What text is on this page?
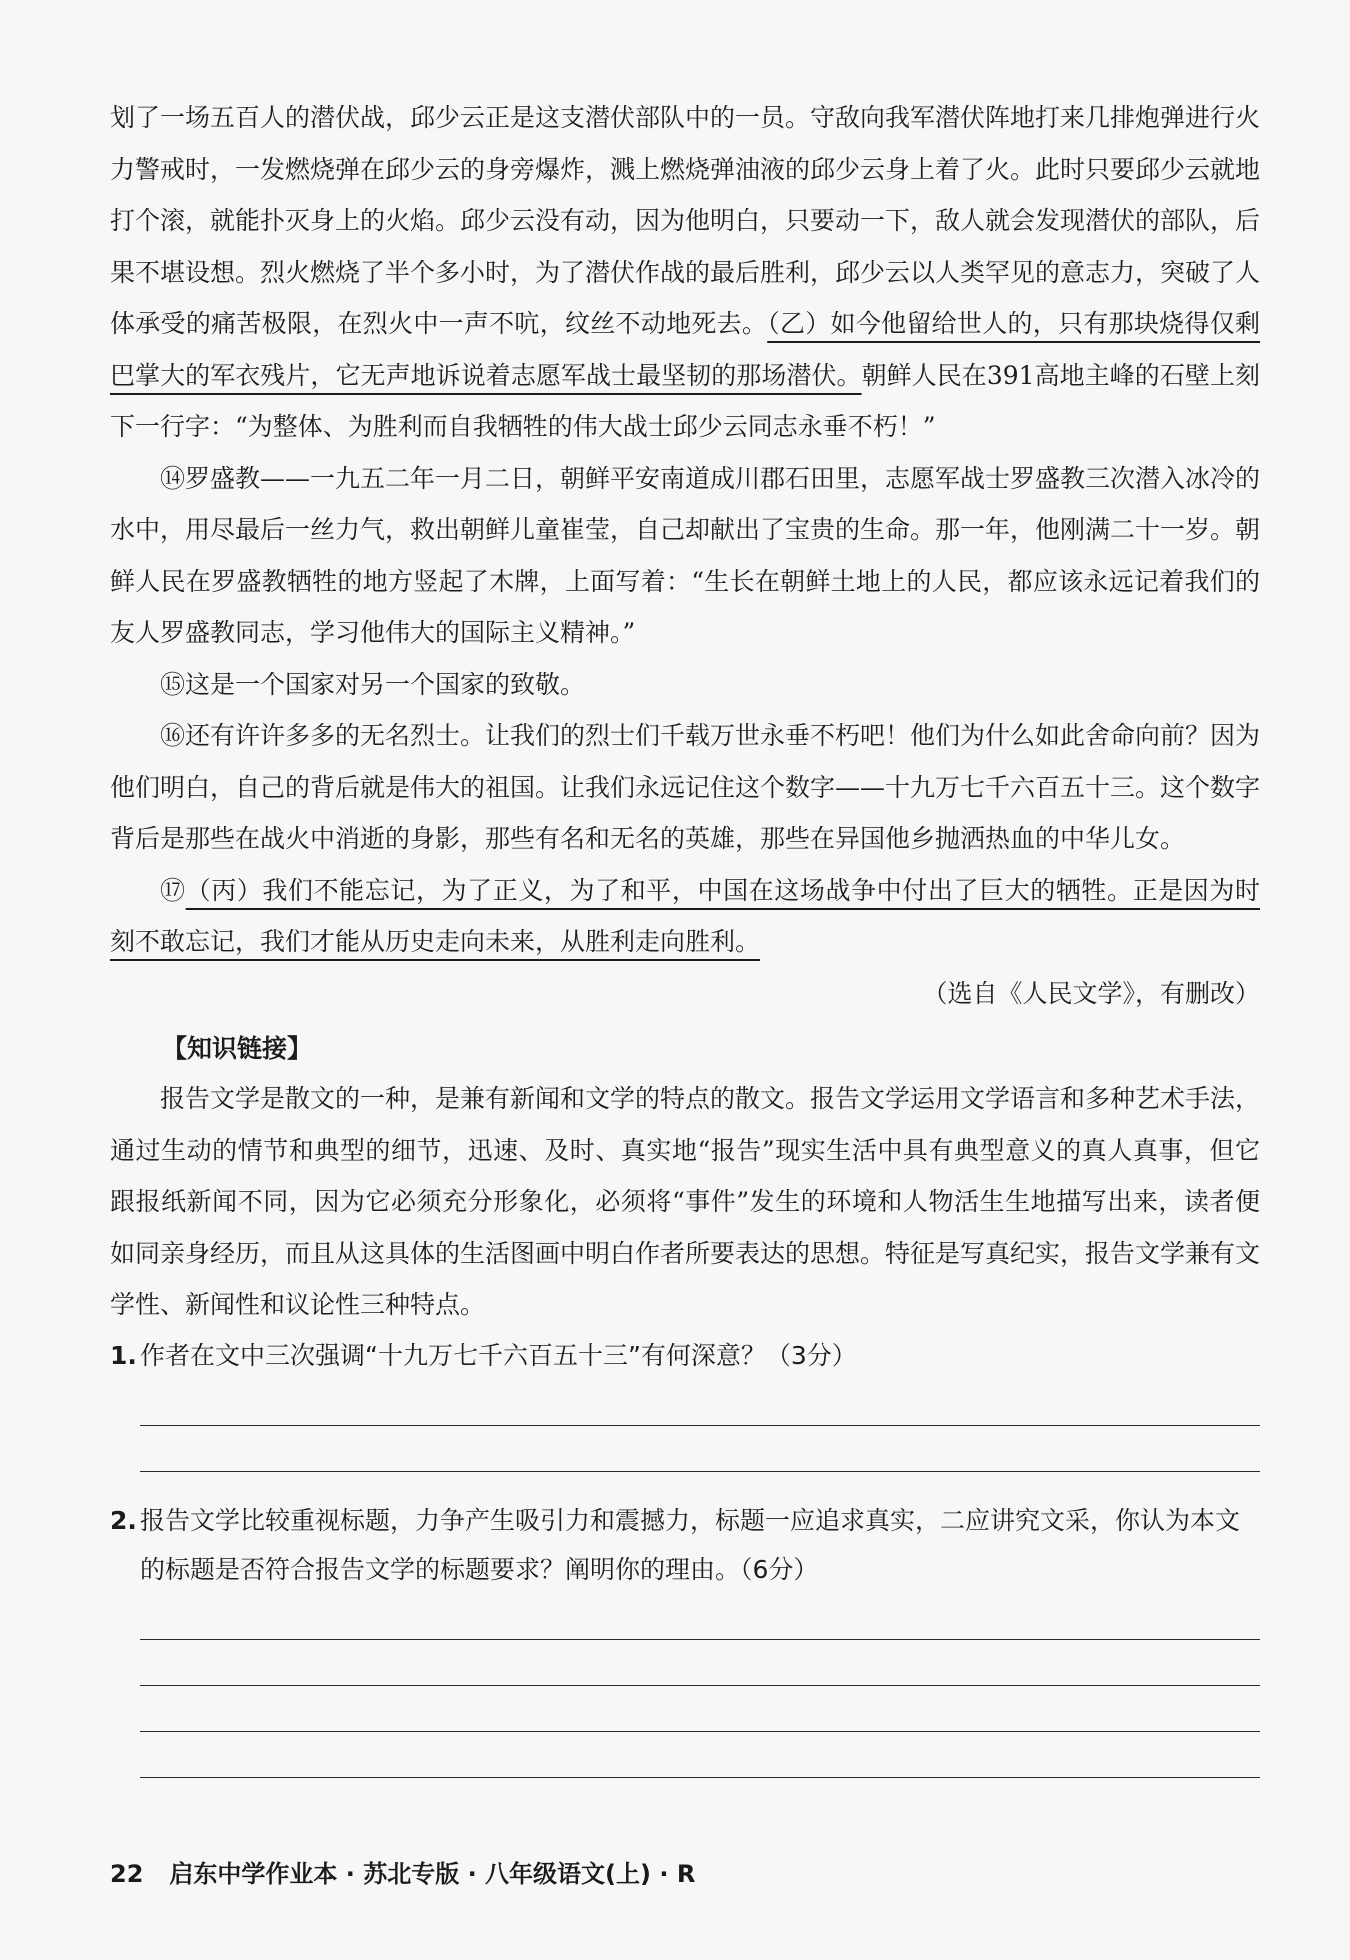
划了一场五百人的潜伏战，邱少云正是这支潜伏部队中的一员。守敌向我军潜伏阵地打来几排炮弹进行火力警戒时，一发燃烧弹在邱少云的身旁爆炸，溅上燃烧弹油液的邱少云身上着了火。此时只要邱少云就地打个滚，就能扑灭身上的火焰。邱少云没有动，因为他明白，只要动一下，敌人就会发现潜伏的部队，后果不堪设想。烈火燃烧了半个多小时，为了潜伏作战的最后胜利，邱少云以人类罕见的意志力，突破了人体承受的痛苦极限，在烈火中一声不吭，纹丝不动地死去。（乙）如今他留给世人的，只有那块烧得仅剩巴掌大的军衣残片，它无声地诉说着志愿军战士最坚韧的那场潜伏。朝鲜人民在391高地主峰的石壁上刻下一行字：“为整体、为胜利而自我牺牲的伟大战士邱少云同志永垂不朽！”

⑭罗盛教——一九五二年一月二日，朝鲜平安南道成川郡石田里，志愿军战士罗盛教三次潜入冰冷的水中，用尽最后一丝力气，救出朝鲜儿童崔莹，自己却献出了宝贵的生命。那一年，他刚满二十一岁。朝鲜人民在罗盛教牺牲的地方竖起了木牌，上面写着：“生长在朝鲜土地上的人民，都应该永远记着我们的友人罗盛教同志，学习他伟大的国际主义精神。”

⑮这是一个国家对另一个国家的致敬。

⑯还有许许多多的无名烈士。让我们的烈士们千载万世永垂不朽吧！他们为什么如此舍命向前？因为他们明白，自己的背后就是伟大的祖国。让我们永远记住这个数字——十九万七千六百五十三。这个数字背后是那些在战火中消逝的身影，那些有名和无名的英雄，那些在异国他乡抛洒热血的中华儿女。

⑰（丙）我们不能忘记，为了正义，为了和平，中国在这场战争中付出了巨大的牺牲。正是因为时刻不敢忘记，我们才能从历史走向未来，从胜利走向胜利。

（选自《人民文学》，有删改）

【知识链接】

报告文学是散文的一种，是兼有新闻和文学的特点的散文。报告文学运用文学语言和多种艺术手法，通过生动的情节和典型的细节，迅速、及时、真实地“报告”现实生活中具有典型意义的真人真事，但它跟报纸新闻不同，因为它必须充分形象化，必须将“事件”发生的环境和人物活生生地描写出来，读者便如同亲身经历，而且从这具体的生活图画中明白作者所要表达的思想。特征是写真纪实，报告文学兼有文学性、新闻性和议论性三种特点。

1. 作者在文中三次强调“十九万七千六百五十三”有何深意？（3分）
2. 报告文学比较重视标题，力争产生吸引力和震撼力，标题一应追求真实，二应讲究文采，你认为本文的标题是否符合报告文学的标题要求？阐明你的理由。（6分）
22 启东中学作业本 · 苏北专版 · 八年级语文(上) · R
